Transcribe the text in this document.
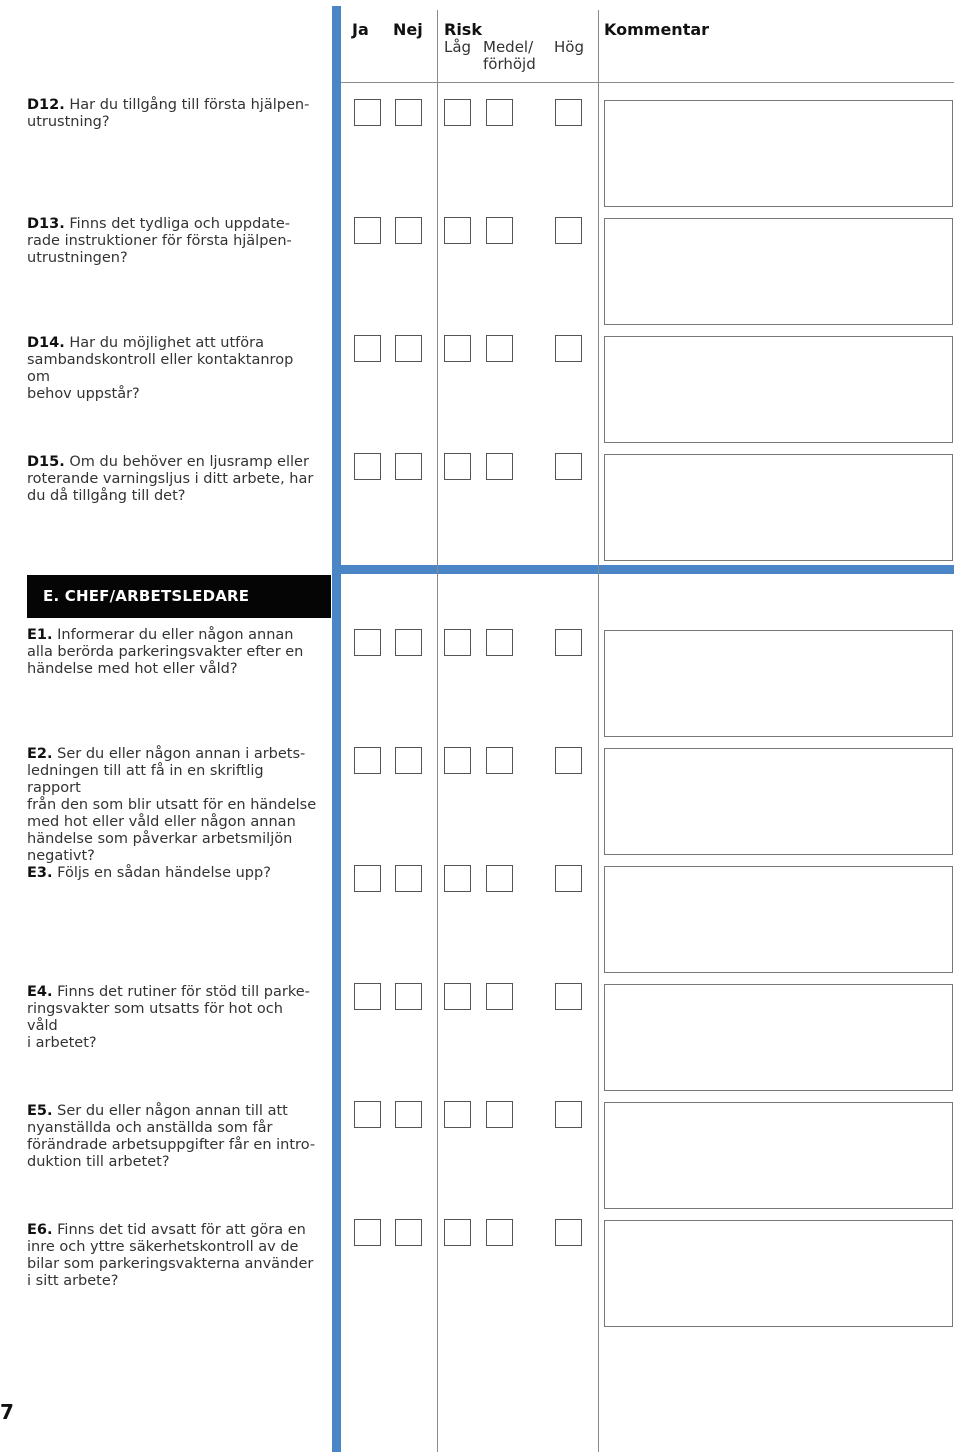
Ja Nej Risk
Låg Medel/
förhöjd
Hög
Kommentar
E. CHEF/ARBETSLEDARE
D12. Har du tillgång till första hjälpen-
utrustning?
D13. Finns det tydliga och uppdate-
rade instruktioner för första hjälpen-
utrustningen?
D14. Har du möjlighet att utföra
sambandskontroll eller kontaktanrop om
behov uppstår?
D15. Om du behöver en ljusramp eller
roterande varningsljus i ditt arbete, har
du då tillgång till det?
E1. Informerar du eller någon annan
alla berörda parkeringsvakter efter en
händelse med hot eller våld?
E2. Ser du eller någon annan i arbets-
ledningen till att få in en skriftlig rapport
från den som blir utsatt för en händelse
med hot eller våld eller någon annan
händelse som påverkar arbetsmiljön
negativt?
E3. Följs en sådan händelse upp?
E4. Finns det rutiner för stöd till parke-
ringsvakter som utsatts för hot och våld
i arbetet?
E5. Ser du eller någon annan till att
nyanställda och anställda som får
förändrade arbetsuppgifter får en intro-
duktion till arbetet?
E6. Finns det tid avsatt för att göra en
inre och yttre säkerhetskontroll av de
bilar som parkeringsvakterna använder
i sitt arbete?
7
